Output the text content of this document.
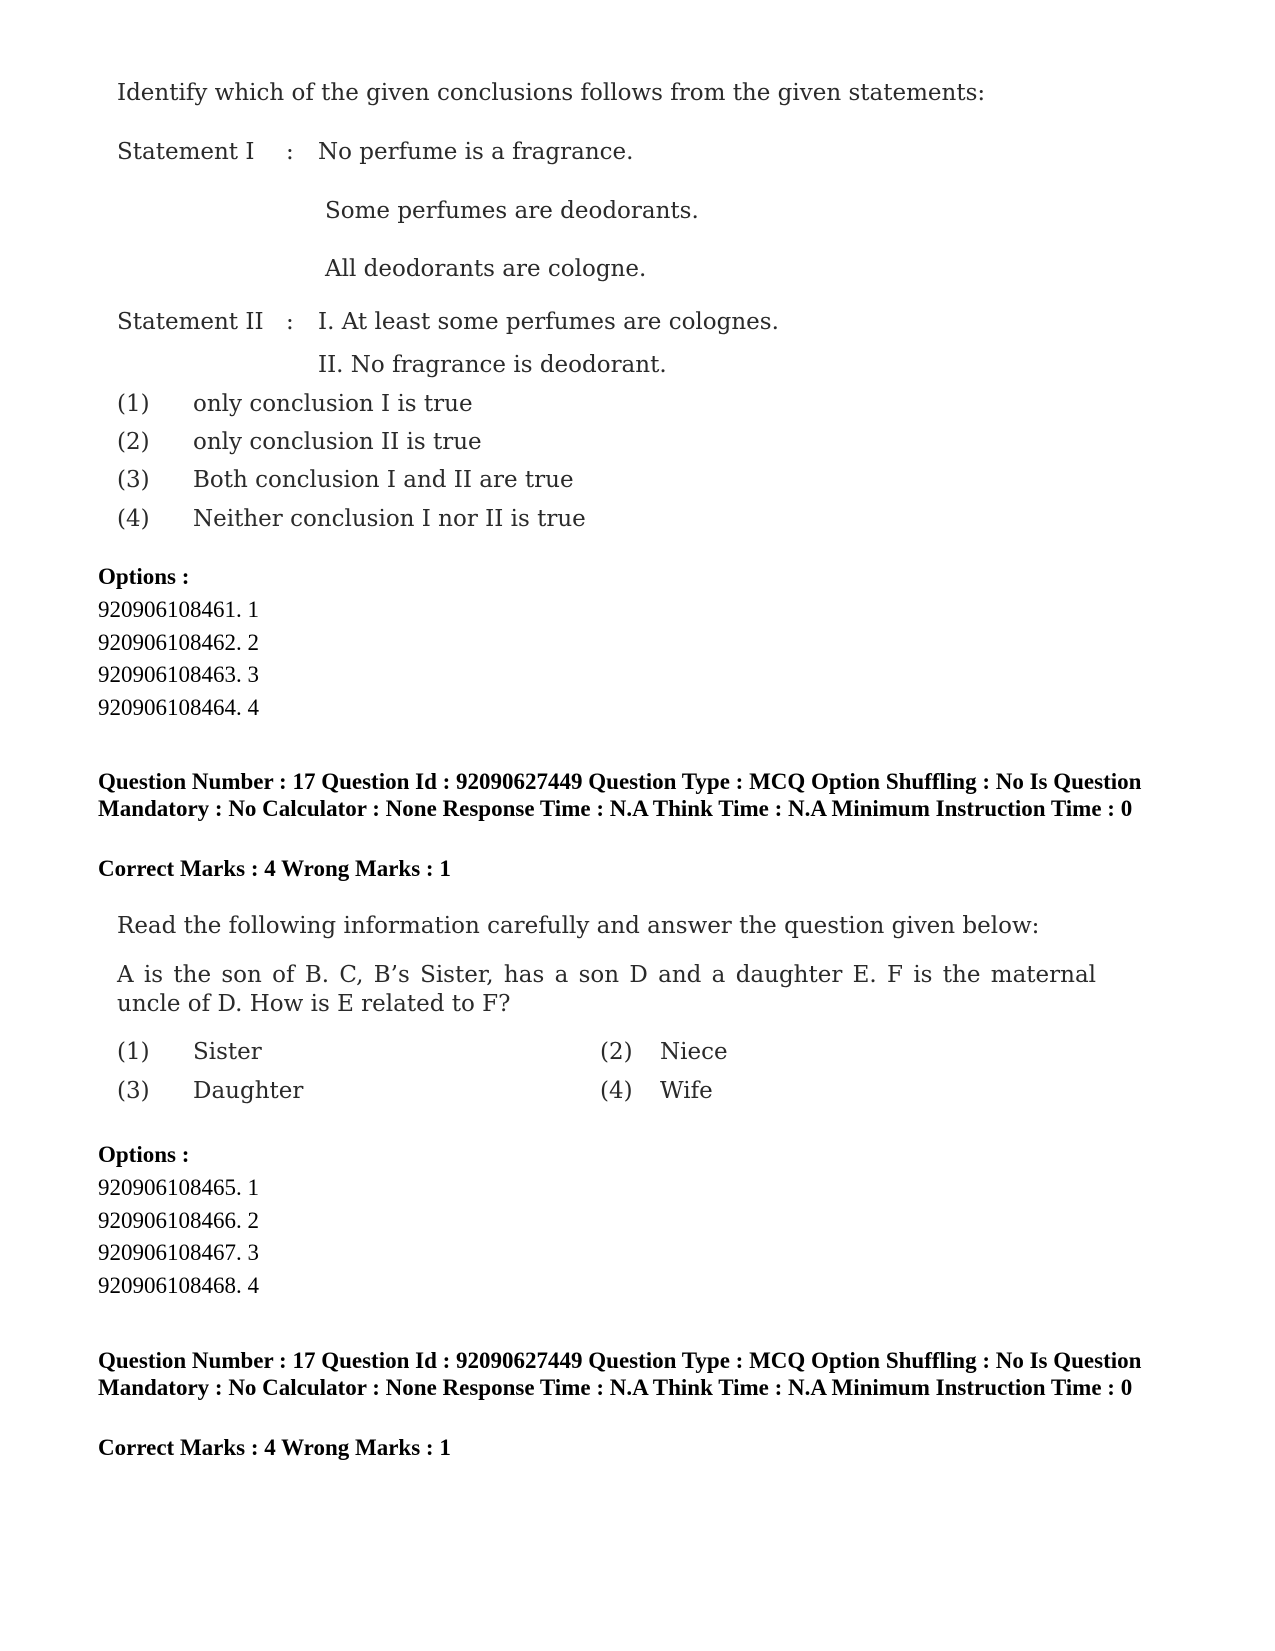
Identify which of the given conclusions follows from the given statements:
Statement I : No perfume is a fragrance.
Some perfumes are deodorants.
All deodorants are cologne.
Statement II : I. At least some perfumes are colognes.
II. No fragrance is deodorant.
(1) only conclusion I is true
(2) only conclusion II is true
(3) Both conclusion I and II are true
(4) Neither conclusion I nor II is true
Options :
920906108461. 1
920906108462. 2
920906108463. 3
920906108464. 4
Question Number : 17 Question Id : 92090627449 Question Type : MCQ Option Shuffling : No Is Question Mandatory : No Calculator : None Response Time : N.A Think Time : N.A Minimum Instruction Time : 0
Correct Marks : 4 Wrong Marks : 1
Read the following information carefully and answer the question given below:
A is the son of B. C, B’s Sister, has a son D and a daughter E. F is the maternal
uncle of D. How is E related to F?
(1) Sister	(2) Niece
(3) Daughter	(4) Wife
Options :
920906108465. 1
920906108466. 2
920906108467. 3
920906108468. 4
Question Number : 17 Question Id : 92090627449 Question Type : MCQ Option Shuffling : No Is Question Mandatory : No Calculator : None Response Time : N.A Think Time : N.A Minimum Instruction Time : 0
Correct Marks : 4 Wrong Marks : 1
